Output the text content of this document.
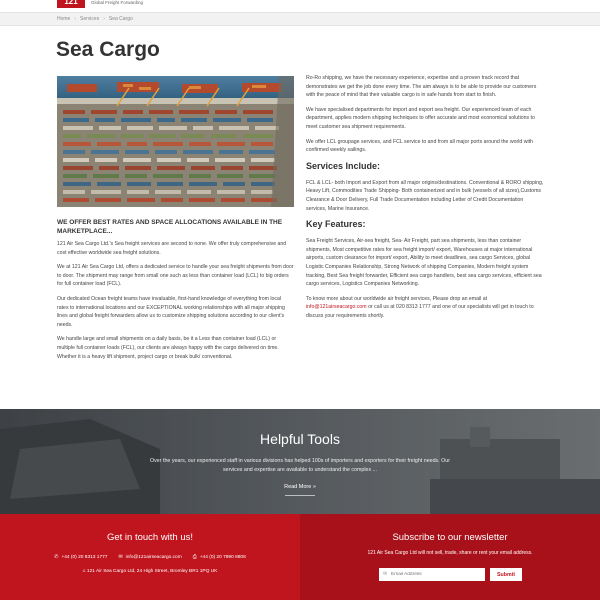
121	Global Freight Forwarding
Home › Services › Sea Cargo
Sea Cargo
WE OFFER BEST RATES AND SPACE ALLOCATIONS AVAILABLE IN THE MARKETPLACE...

121 Air Sea Cargo Ltd.'s Sea freight services are second to none. We offer truly comprehensive and cost effective worldwide sea freight solutions.

We at 121 Air Sea Cargo Ltd, offers a dedicated service to handle your sea freight shipments from door to door. The shipment may range from small one such as less than container load (LCL) to big orders for full container load (FCL).

Our dedicated Ocean freight teams have invaluable, first-hand knowledge of everything from local rates to international locations and our EXCEPTIONAL working relationships with all major shipping lines and global freight forwarders allow us to customize shipping solutions according to our client's needs.

We handle large and small shipments on a daily basis, be it a Less than container load (LCL) or multiple full container loads (FCL), our clients are always happy with the cargo delivered on time. Whether it is a heavy lift shipment, project cargo or break bulk/ conventional.

Ro-Ro shipping, we have the necessary experience, expertise and a proven track record that demonstrates we get the job done every time. The aim always is to be able to provide our customers with the peace of mind that their valuable cargo is in safe hands from start to finish.

We have specialised departments for import and export sea freight. Our experienced team of each department, applies modern shipping techniques to offer accurate and most economical solutions to meet customer sea shipment requirements.

We offer LCL groupage services, and FCL service to and from all major ports around the world with confirmed weekly sailings.

Services Include:

FCL & LCL- both Import and Export from all major origins/destinations. Conventional & RORO shipping, Heavy Lift, Commodities Trade Shipping- Both containerized and in bulk (vessels of all sizes),Customs Clearance & Door Delivery, Full Trade Documentation including Letter of Credit Documentation services, Marine Insurance.

Key Features:

Sea Freight Services, Air-sea freight, Sea- Air Freight, part sea shipments, less than container shipments, Most competitive rates for sea freight import/ export, Warehouses at major international airports, custom clearance for import/ export, Ability to meet deadlines, sea cargo Services, global Logistic Companies Relationship, Strong Network of shipping Companies, Modern freight system tracking, Best Sea freight forwarder, Efficient sea cargo handlers, best sea cargo services, efficient sea cargo services, Logistics Companies Networking.

To know more about our worldwide air freight services, Please drop an email at info@121airseacargo.com or call us at 020 8313 1777 and one of our specialists will get in touch to discuss your requirements shortly.

Helpful Tools
Over the years, our experienced staff in various divisions has helped 100s of importers and exporters for their freight needs. Our services and expertise are available to understand the complex ...
Read More »
Get in touch with us!
✆ +44 (0) 20 8313 1777 ✉ info@121airseacargo.com ⎙ +44 (0) 20 7990 8808
⌂ 121 Air Sea Cargo Ltd, 24 High Street, Bromley BR1 1PQ UK
Subscribe to our newsletter
121 Air Sea Cargo Ltd will not sell, trade, share or rent your email address.
Email Address
✉	Submit
